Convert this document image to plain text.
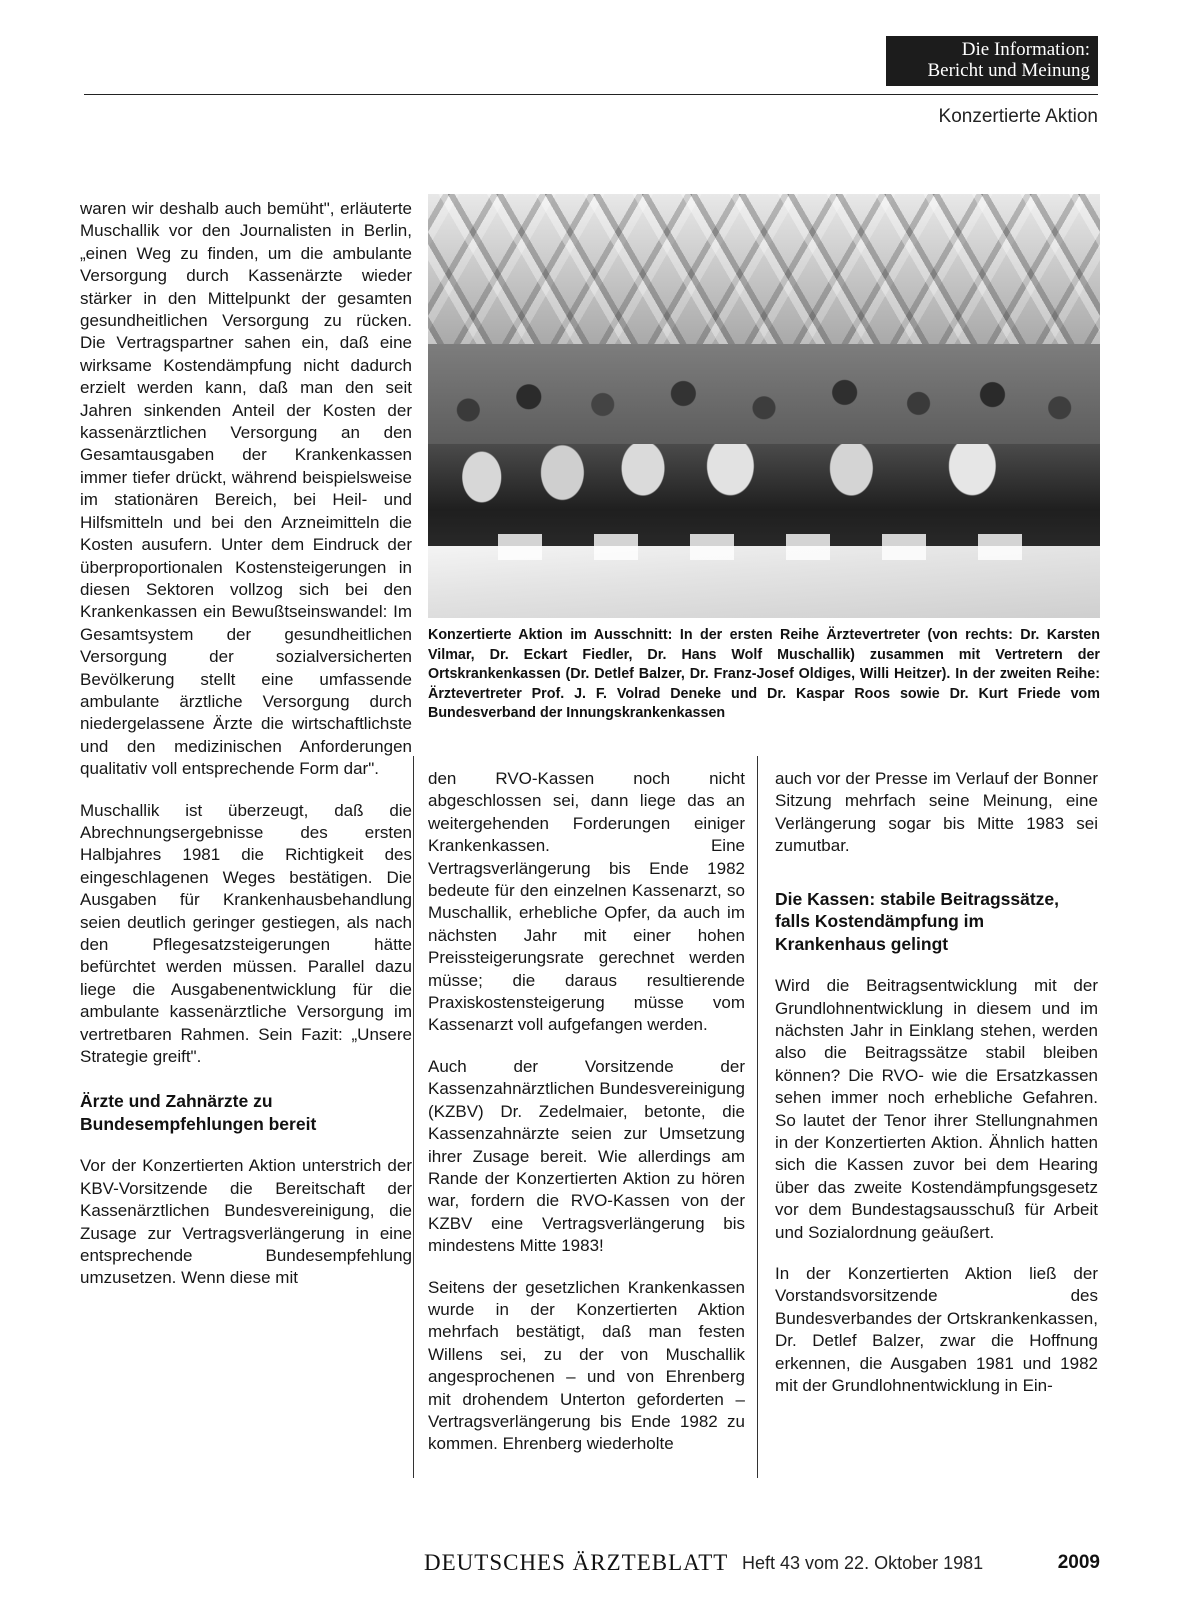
Die Information:
Bericht und Meinung
Konzertierte Aktion
Konzertierte Aktion im Ausschnitt: In der ersten Reihe Ärztevertreter (von rechts: Dr. Karsten Vilmar, Dr. Eckart Fiedler, Dr. Hans Wolf Muschallik) zusammen mit Vertretern der Ortskrankenkassen (Dr. Detlef Balzer, Dr. Franz-Josef Oldiges, Willi Heitzer). In der zweiten Reihe: Ärztevertreter Prof. J. F. Volrad Deneke und Dr. Kaspar Roos sowie Dr. Kurt Friede vom Bundesverband der Innungskrankenkassen

waren wir deshalb auch bemüht", erläuterte Muschallik vor den Journalisten in Berlin, „einen Weg zu finden, um die ambulante Versorgung durch Kassenärzte wieder stärker in den Mittelpunkt der gesamten gesundheitlichen Versorgung zu rücken. Die Vertragspartner sahen ein, daß eine wirksame Kostendämpfung nicht dadurch erzielt werden kann, daß man den seit Jahren sinkenden Anteil der Kosten der kassenärztlichen Versorgung an den Gesamtausgaben der Krankenkassen immer tiefer drückt, während beispielsweise im stationären Bereich, bei Heil- und Hilfsmitteln und bei den Arzneimitteln die Kosten ausufern. Unter dem Eindruck der überproportionalen Kostensteigerungen in diesen Sektoren vollzog sich bei den Krankenkassen ein Bewußtseinswandel: Im Gesamtsystem der gesundheitlichen Versorgung der sozialversicherten Bevölkerung stellt eine umfassende ambulante ärztliche Versorgung durch niedergelassene Ärzte die wirtschaftlichste und den medizinischen Anforderungen qualitativ voll entsprechende Form dar".

Muschallik ist überzeugt, daß die Abrechnungsergebnisse des ersten Halbjahres 1981 die Richtigkeit des eingeschlagenen Weges bestätigen. Die Ausgaben für Krankenhausbehandlung seien deutlich geringer gestiegen, als nach den Pflegesatzsteigerungen hätte befürchtet werden müssen. Parallel dazu liege die Ausgabenentwicklung für die ambulante kassenärztliche Versorgung im vertretbaren Rahmen. Sein Fazit: „Unsere Strategie greift".

Ärzte und Zahnärzte zu Bundesempfehlungen bereit

Vor der Konzertierten Aktion unterstrich der KBV-Vorsitzende die Bereitschaft der Kassenärztlichen Bundesvereinigung, die Zusage zur Vertragsverlängerung in eine entsprechende Bundesempfehlung umzusetzen. Wenn diese mit

den RVO-Kassen noch nicht abgeschlossen sei, dann liege das an weitergehenden Forderungen einiger Krankenkassen. Eine Vertragsverlängerung bis Ende 1982 bedeute für den einzelnen Kassenarzt, so Muschallik, erhebliche Opfer, da auch im nächsten Jahr mit einer hohen Preissteigerungsrate gerechnet werden müsse; die daraus resultierende Praxiskostensteigerung müsse vom Kassenarzt voll aufgefangen werden.

Auch der Vorsitzende der Kassenzahnärztlichen Bundesvereinigung (KZBV) Dr. Zedelmaier, betonte, die Kassenzahnärzte seien zur Umsetzung ihrer Zusage bereit. Wie allerdings am Rande der Konzertierten Aktion zu hören war, fordern die RVO-Kassen von der KZBV eine Vertragsverlängerung bis mindestens Mitte 1983!

Seitens der gesetzlichen Krankenkassen wurde in der Konzertierten Aktion mehrfach bestätigt, daß man festen Willens sei, zu der von Muschallik angesprochenen – und von Ehrenberg mit drohendem Unterton geforderten – Vertragsverlängerung bis Ende 1982 zu kommen. Ehrenberg wiederholte

auch vor der Presse im Verlauf der Bonner Sitzung mehrfach seine Meinung, eine Verlängerung sogar bis Mitte 1983 sei zumutbar.

Die Kassen: stabile Beitragssätze, falls Kostendämpfung im Krankenhaus gelingt

Wird die Beitragsentwicklung mit der Grundlohnentwicklung in diesem und im nächsten Jahr in Einklang stehen, werden also die Beitragssätze stabil bleiben können? Die RVO- wie die Ersatzkassen sehen immer noch erhebliche Gefahren. So lautet der Tenor ihrer Stellungnahmen in der Konzertierten Aktion. Ähnlich hatten sich die Kassen zuvor bei dem Hearing über das zweite Kostendämpfungsgesetz vor dem Bundestagsausschuß für Arbeit und Sozialordnung geäußert.

In der Konzertierten Aktion ließ der Vorstandsvorsitzende des Bundesverbandes der Ortskrankenkassen, Dr. Detlef Balzer, zwar die Hoffnung erkennen, die Ausgaben 1981 und 1982 mit der Grundlohnentwicklung in Ein-

DEUTSCHES ÄRZTEBLATT Heft 43 vom 22. Oktober 1981	2009
